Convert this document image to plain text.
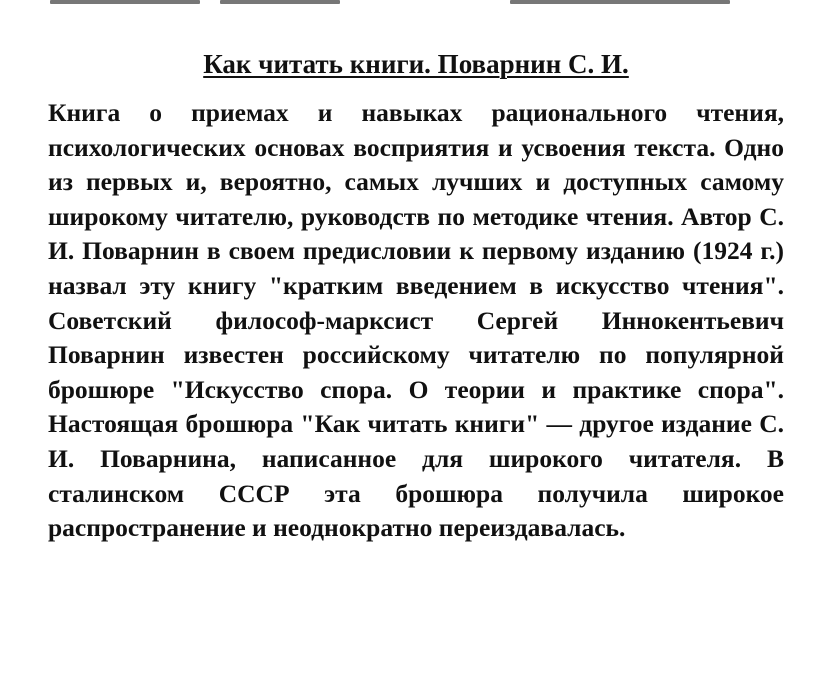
Как читать книги. Поварнин С. И.

Книга о приемах и навыках рационального чтения, психологических основах восприятия и усвоения текста. Одно из первых и, вероятно, самых лучших и доступных самому широкому читателю, руководств по методике чтения. Автор С. И. Поварнин в своем предисловии к первому изданию (1924 г.) назвал эту книгу "кратким введением в искусство чтения". Советский философ-марксист Сергей Иннокентьевич Поварнин известен российскому читателю по популярной брошюре "Искусство спора. О теории и практике спора". Настоящая брошюра "Как читать книги" — другое издание С. И. Поварнина, написанное для широкого читателя. В сталинском СССР эта брошюра получила широкое распространение и неоднократно переиздавалась.
